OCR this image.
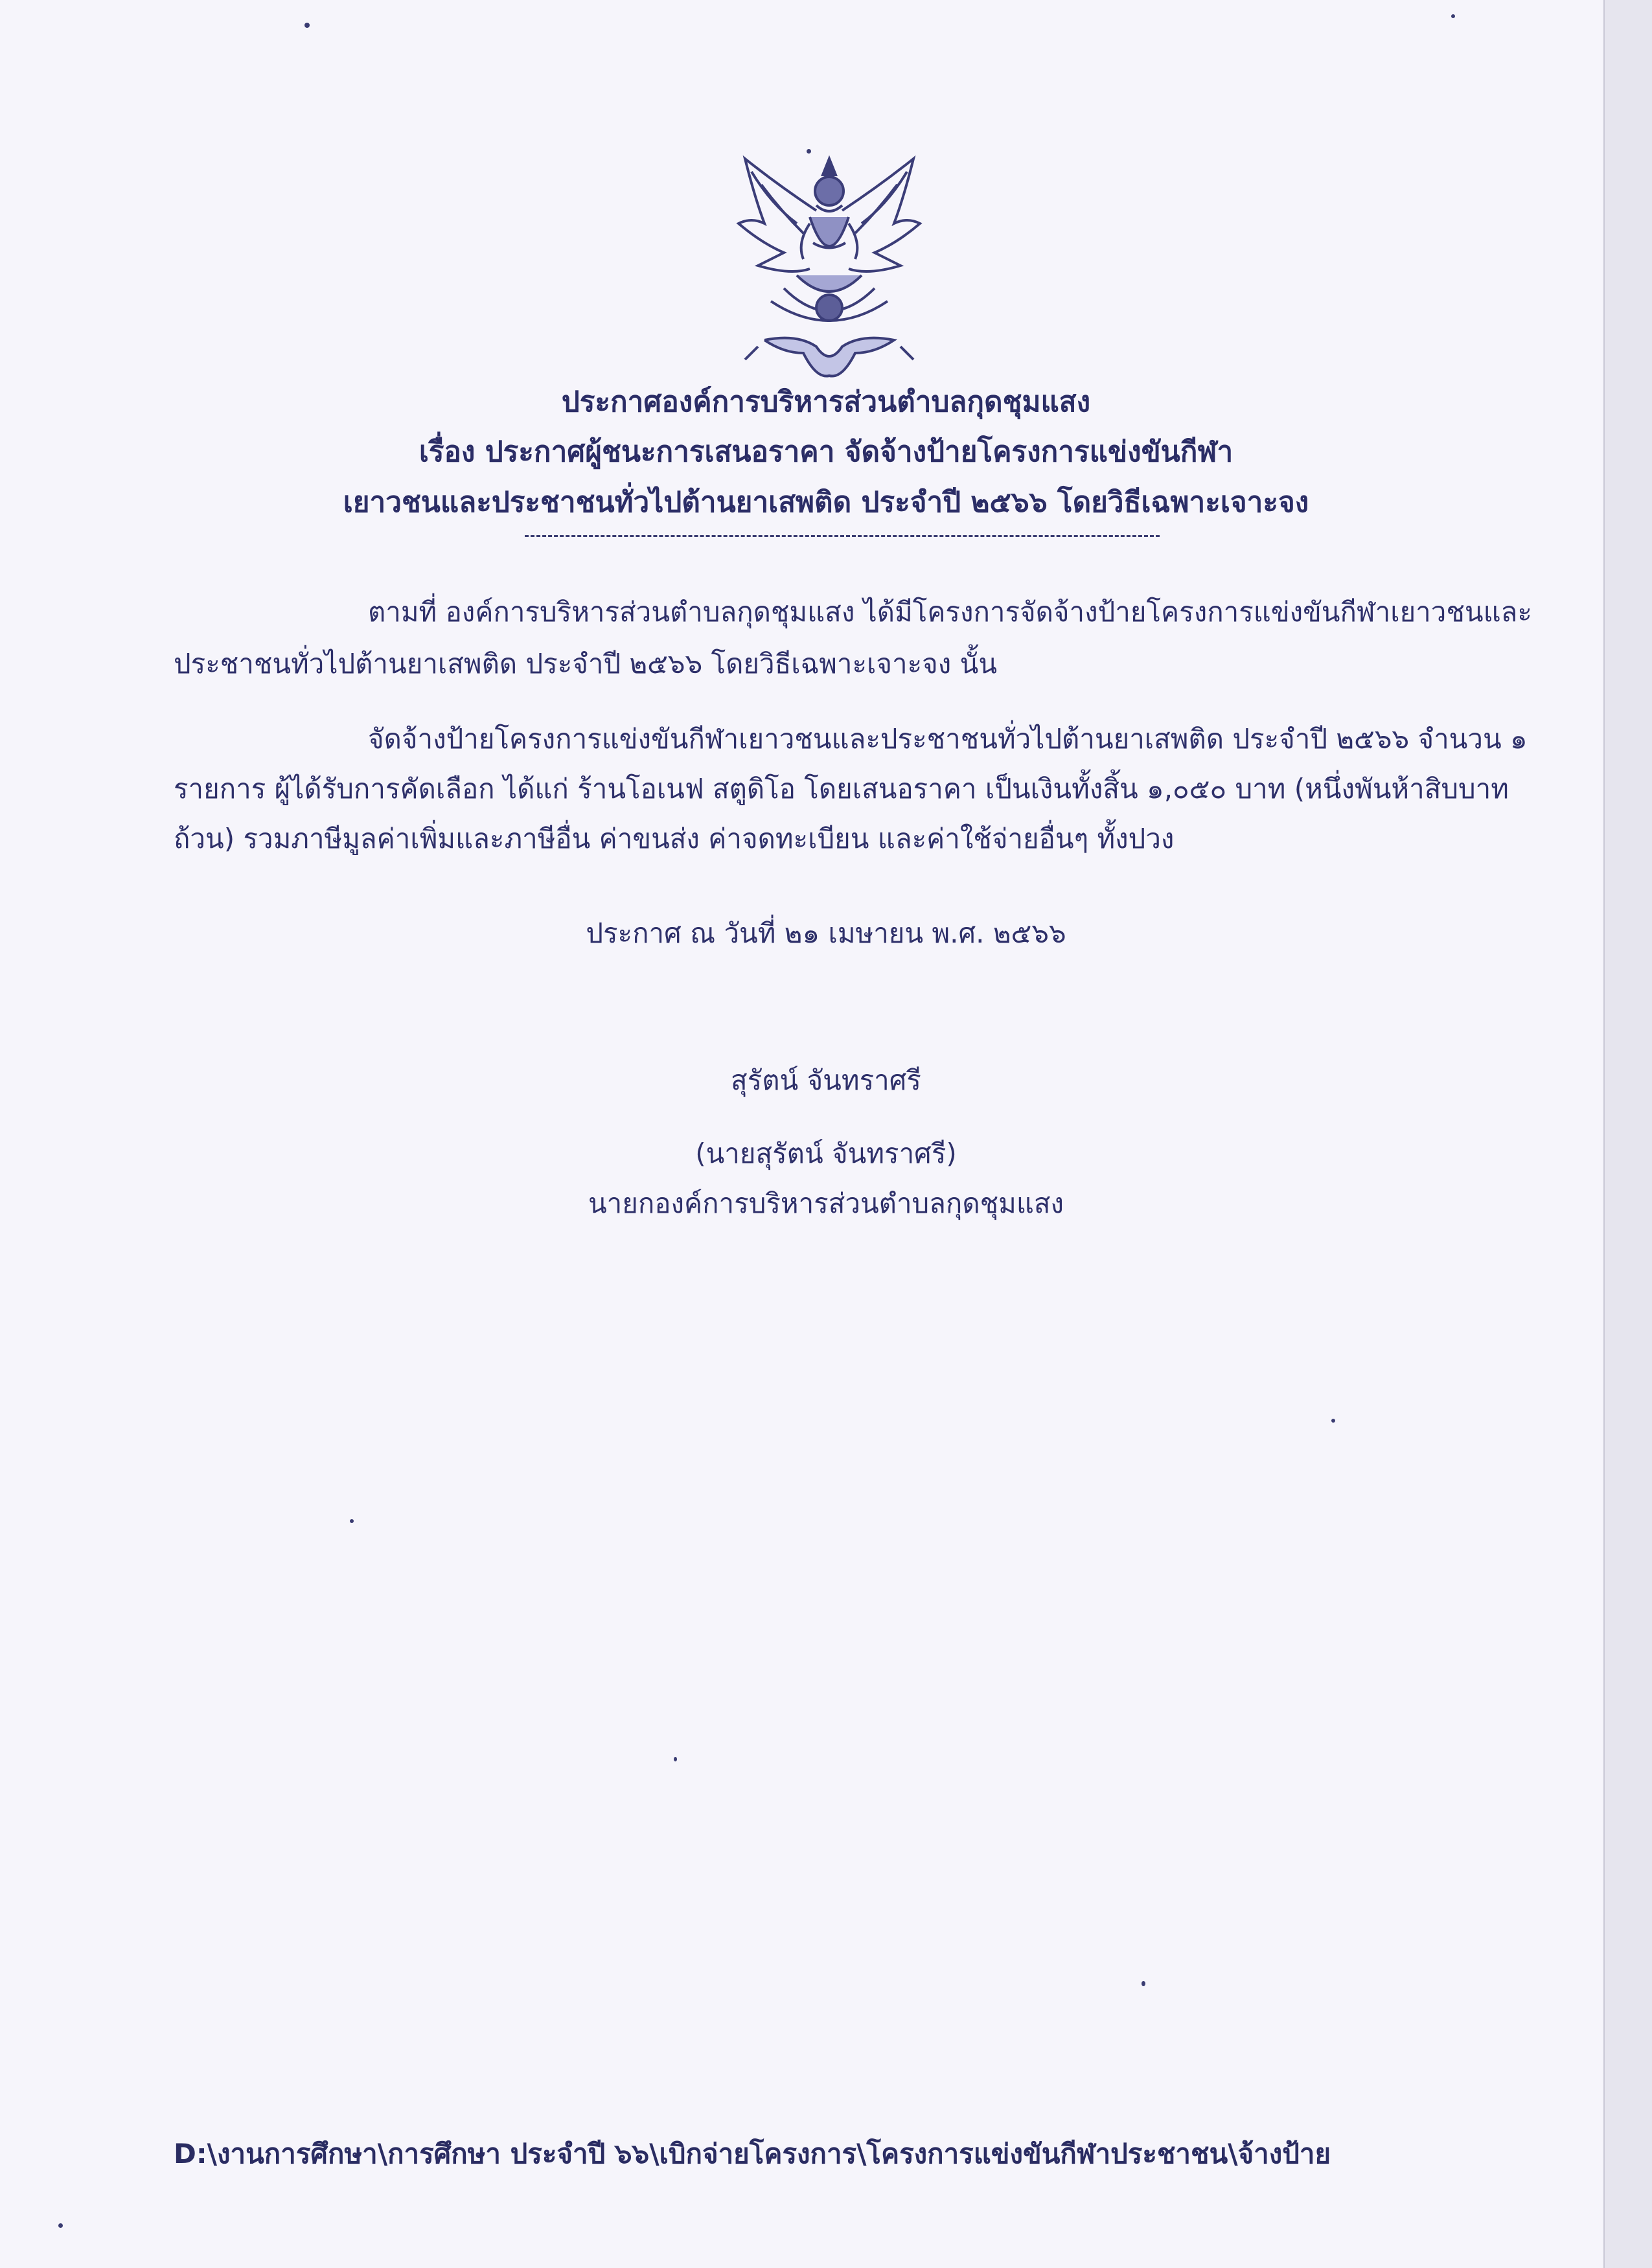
ประกาศองค์การบริหารส่วนตำบลกุดชุมแสง
เรื่อง ประกาศผู้ชนะการเสนอราคา จัดจ้างป้ายโครงการแข่งขันกีฬา
เยาวชนและประชาชนทั่วไปต้านยาเสพติด ประจำปี ๒๕๖๖ โดยวิธีเฉพาะเจาะจง
ตามที่ องค์การบริหารส่วนตำบลกุดชุมแสง ได้มีโครงการจัดจ้างป้ายโครงการแข่งขันกีฬาเยาวชนและ
ประชาชนทั่วไปต้านยาเสพติด ประจำปี ๒๕๖๖ โดยวิธีเฉพาะเจาะจง นั้น
จัดจ้างป้ายโครงการแข่งขันกีฬาเยาวชนและประชาชนทั่วไปต้านยาเสพติด ประจำปี ๒๕๖๖ จำนวน ๑
รายการ ผู้ได้รับการคัดเลือก ได้แก่ ร้านโอเนฟ สตูดิโอ โดยเสนอราคา เป็นเงินทั้งสิ้น ๑,๐๕๐ บาท (หนึ่งพันห้าสิบบาท
ถ้วน) รวมภาษีมูลค่าเพิ่มและภาษีอื่น ค่าขนส่ง ค่าจดทะเบียน และค่าใช้จ่ายอื่นๆ ทั้งปวง
ประกาศ ณ วันที่ ๒๑ เมษายน พ.ศ. ๒๕๖๖
สุรัตน์ จันทราศรี
(นายสุรัตน์ จันทราศรี)
นายกองค์การบริหารส่วนตำบลกุดชุมแสง
D:\งานการศึกษา\การศึกษา ประจำปี ๖๖\เบิกจ่ายโครงการ\โครงการแข่งขันกีฬาประชาชน\จ้างป้าย
